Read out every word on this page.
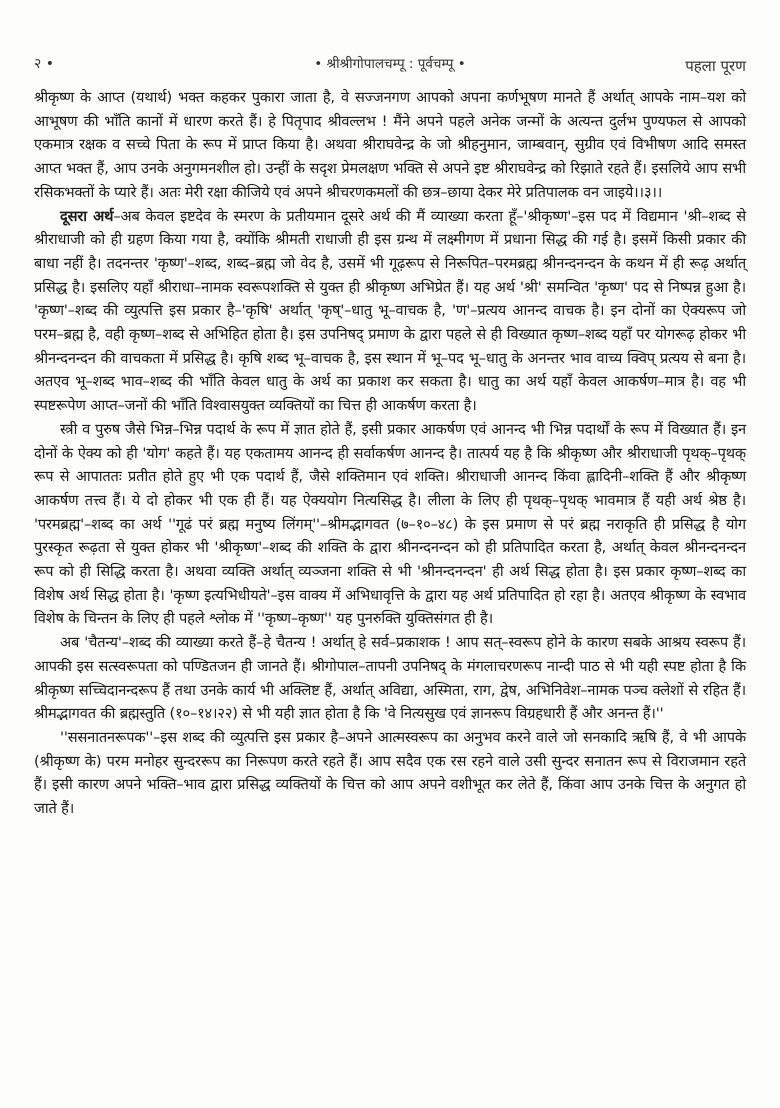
२ •	• श्रीश्रीगोपालचम्पू : पूर्वचम्पू •	पहला पूरण

श्रीकृष्ण के आप्त (यथार्थ) भक्त कहकर पुकारा जाता है, वे सज्जनगण आपको अपना कर्णभूषण मानते हैं अर्थात् आपके नाम–यश को आभूषण की भाँति कानों में धारण करते हैं। हे पितृपाद श्रीवल्लभ ! मैंने अपने पहले अनेक जन्मों के अत्यन्त दुर्लभ पुण्यफल से आपको एकमात्र रक्षक व सच्चे पिता के रूप में प्राप्त किया है। अथवा श्रीराघवेन्द्र के जो श्रीहनुमान, जाम्बवान्, सुग्रीव एवं विभीषण आदि समस्त आप्त भक्त हैं, आप उनके अनुगमनशील हो। उन्हीं के सदृश प्रेमलक्षण भक्ति से अपने इष्ट श्रीराघवेन्द्र को रिझाते रहते हैं। इसलिये आप सभी रसिकभक्तों के प्यारे हैं। अतः मेरी रक्षा कीजिये एवं अपने श्रीचरणकमलों की छत्र–छाया देकर मेरे प्रतिपालक वन जाइये।।३।।

दूसरा अर्थ–अब केवल इष्टदेव के स्मरण के प्रतीयमान दूसरे अर्थ की मैं व्याख्या करता हूँ–'श्रीकृष्ण'–इस पद में विद्यमान 'श्री–शब्द से श्रीराधाजी को ही ग्रहण किया गया है, क्योंकि श्रीमती राधाजी ही इस ग्रन्थ में लक्ष्मीगण में प्रधाना सिद्ध की गई है। इसमें किसी प्रकार की बाधा नहीं है। तदनन्तर 'कृष्ण'–शब्द, शब्द–ब्रह्म जो वेद है, उसमें भी गूढ़रूप से निरूपित–परमब्रह्म श्रीनन्दनन्दन के कथन में ही रूढ़ अर्थात् प्रसिद्ध है। इसलिए यहाँ श्रीराधा–नामक स्वरूपशक्ति से युक्त ही श्रीकृष्ण अभिप्रेत हैं। यह अर्थ 'श्री' समन्वित 'कृष्ण' पद से निष्पन्न हुआ है। 'कृष्ण'–शब्द की व्युत्पत्ति इस प्रकार है–'कृषि' अर्थात् 'कृष्'–धातु भू–वाचक है, 'ण'–प्रत्यय आनन्द वाचक है। इन दोनों का ऐक्यरूप जो परम–ब्रह्म है, वही कृष्ण–शब्द से अभिहित होता है। इस उपनिषद् प्रमाण के द्वारा पहले से ही विख्यात कृष्ण–शब्द यहाँ पर योगरूढ़ होकर भी श्रीनन्दनन्दन की वाचकता में प्रसिद्ध है। कृषि शब्द भू–वाचक है, इस स्थान में भू–पद भू–धातु के अनन्तर भाव वाच्य क्विप् प्रत्यय से बना है। अतएव भू–शब्द भाव–शब्द की भाँति केवल धातु के अर्थ का प्रकाश कर सकता है। धातु का अर्थ यहाँ केवल आकर्षण–मात्र है। वह भी स्पष्टरूपेण आप्त–जनों की भाँति विश्वासयुक्त व्यक्तियों का चित्त ही आकर्षण करता है।

स्त्री व पुरुष जैसे भिन्न–भिन्न पदार्थ के रूप में ज्ञात होते हैं, इसी प्रकार आकर्षण एवं आनन्द भी भिन्न पदार्थों के रूप में विख्यात हैं। इन दोनों के ऐक्य को ही 'योग' कहते हैं। यह एकतामय आनन्द ही सर्वाकर्षण आनन्द है। तात्पर्य यह है कि श्रीकृष्ण और श्रीराधाजी पृथक्–पृथक् रूप से आपाततः प्रतीत होते हुए भी एक पदार्थ हैं, जैसे शक्तिमान एवं शक्ति। श्रीराधाजी आनन्द किंवा ह्लादिनी–शक्ति हैं और श्रीकृष्ण आकर्षण तत्त्व हैं। ये दो होकर भी एक ही हैं। यह ऐक्ययोग नित्यसिद्ध है। लीला के लिए ही पृथक्–पृथक् भावमात्र हैं यही अर्थ श्रेष्ठ है। 'परमब्रह्म'–शब्द का अर्थ ''गूढं परं ब्रह्म मनुष्य लिंगम्''–श्रीमद्भागवत (७–१०–४८) के इस प्रमाण से परं ब्रह्म नराकृति ही प्रसिद्ध है योग पुरस्कृत रूढ़ता से युक्त होकर भी 'श्रीकृष्ण'–शब्द की शक्ति के द्वारा श्रीनन्दनन्दन को ही प्रतिपादित करता है, अर्थात् केवल श्रीनन्दनन्दन रूप को ही सिद्धि करता है। अथवा व्यक्ति अर्थात् व्यञ्जना शक्ति से भी 'श्रीनन्दनन्दन' ही अर्थ सिद्ध होता है। इस प्रकार कृष्ण–शब्द का विशेष अर्थ सिद्ध होता है। 'कृष्ण इत्यभिधीयते'–इस वाक्य में अभिधावृत्ति के द्वारा यह अर्थ प्रतिपादित हो रहा है। अतएव श्रीकृष्ण के स्वभाव विशेष के चिन्तन के लिए ही पहले श्लोक में ''कृष्ण–कृष्ण'' यह पुनरुक्ति युक्तिसंगत ही है।

अब 'चैतन्य'–शब्द की व्याख्या करते हैं–हे चैतन्य ! अर्थात् हे सर्व–प्रकाशक ! आप सत्–स्वरूप होने के कारण सबके आश्रय स्वरूप हैं। आपकी इस सत्स्वरूपता को पण्डितजन ही जानते हैं। श्रीगोपाल–तापनी उपनिषद् के मंगलाचरणरूप नान्दी पाठ से भी यही स्पष्ट होता है कि श्रीकृष्ण सच्चिदानन्दरूप हैं तथा उनके कार्य भी अक्लिष्ट हैं, अर्थात् अविद्या, अस्मिता, राग, द्वेष, अभिनिवेश–नामक पञ्च क्लेशों से रहित हैं। श्रीमद्भागवत की ब्रह्मस्तुति (१०–१४।२२) से भी यही ज्ञात होता है कि 'वे नित्यसुख एवं ज्ञानरूप विग्रहधारी हैं और अनन्त हैं।''

''ससनातनरूपक''–इस शब्द की व्युत्पत्ति इस प्रकार है–अपने आत्मस्वरूप का अनुभव करने वाले जो सनकादि ऋषि हैं, वे भी आपके (श्रीकृष्ण के) परम मनोहर सुन्दररूप का निरूपण करते रहते हैं। आप सदैव एक रस रहने वाले उसी सुन्दर सनातन रूप से विराजमान रहते हैं। इसी कारण अपने भक्ति–भाव द्वारा प्रसिद्ध व्यक्तियों के चित्त को आप अपने वशीभूत कर लेते हैं, किंवा आप उनके चित्त के अनुगत हो जाते हैं।
